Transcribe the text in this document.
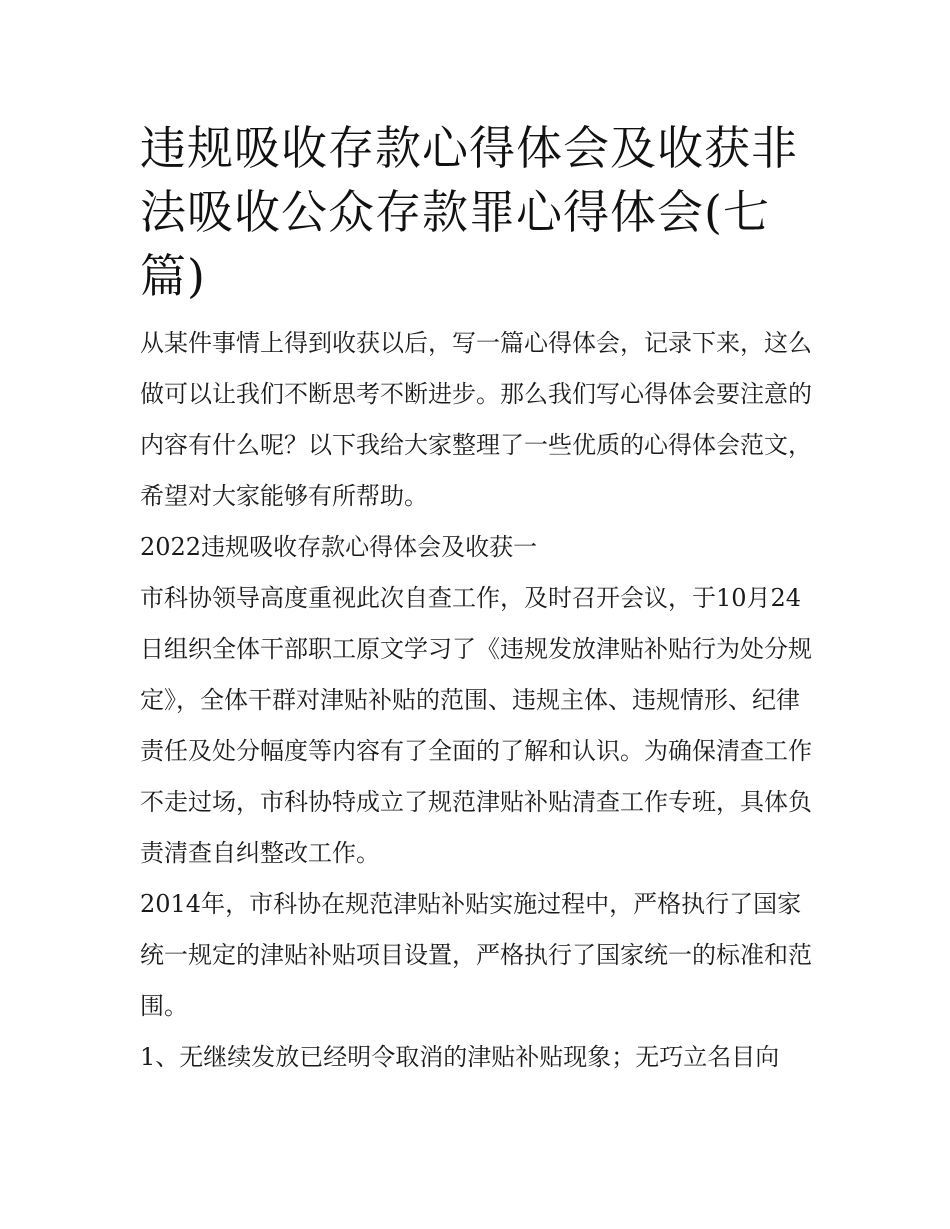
违规吸收存款心得体会及收获非法吸收公众存款罪心得体会(七篇)

从某件事情上得到收获以后，写一篇心得体会，记录下来，这么做可以让我们不断思考不断进步。那么我们写心得体会要注意的内容有什么呢？以下我给大家整理了一些优质的心得体会范文，希望对大家能够有所帮助。

2022违规吸收存款心得体会及收获一

市科协领导高度重视此次自查工作，及时召开会议，于10月24日组织全体干部职工原文学习了《违规发放津贴补贴行为处分规定》，全体干群对津贴补贴的范围、违规主体、违规情形、纪律责任及处分幅度等内容有了全面的了解和认识。为确保清查工作不走过场，市科协特成立了规范津贴补贴清查工作专班，具体负责清查自纠整改工作。

2014年，市科协在规范津贴补贴实施过程中，严格执行了国家统一规定的津贴补贴项目设置，严格执行了国家统一的标准和范围。

1、无继续发放已经明令取消的津贴补贴现象；无巧立名目向
